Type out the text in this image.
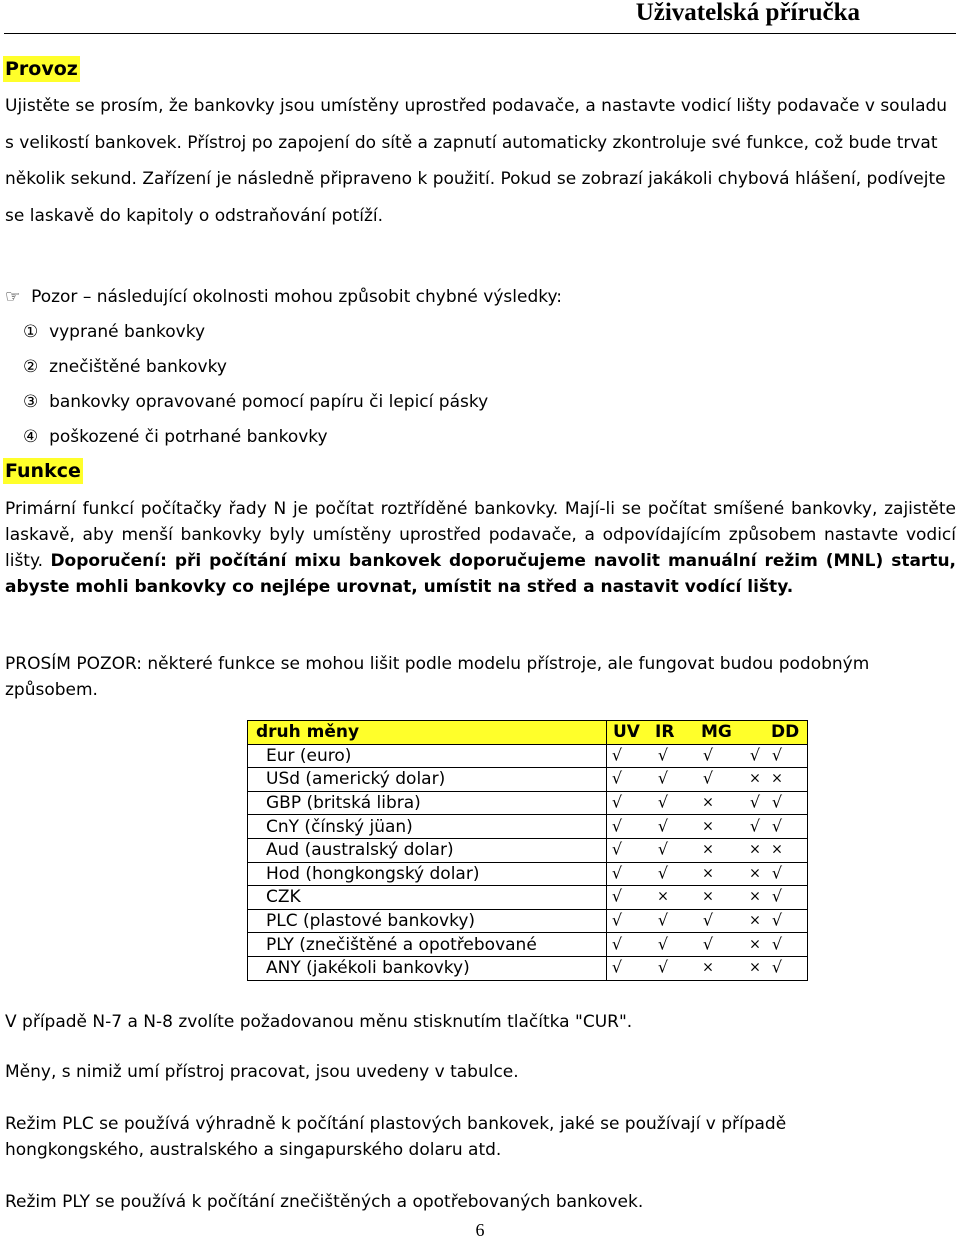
Uživatelská příručka
Provoz
Ujistěte se prosím, že bankovky jsou umístěny uprostřed podavače, a nastavte vodicí lišty podavače v souladu s velikostí bankovek. Přístroj po zapojení do sítě a zapnutí automaticky zkontroluje své funkce, což bude trvat několik sekund. Zařízení je následně připraveno k použití. Pokud se zobrazí jakákoli chybová hlášení, podívejte se laskavě do kapitoly o odstraňování potíží.
☞  Pozor – následující okolnosti mohou způsobit chybné výsledky:
① vyprané bankovky
② znečištěné bankovky
③ bankovky opravované pomocí papíru či lepicí pásky
④ poškozené či potrhané bankovky
Funkce
Primární funkcí počítačky řady N je počítat roztříděné bankovky. Mají-li se počítat smíšené bankovky, zajistěte laskavě, aby menší bankovky byly umístěny uprostřed podavače, a odpovídajícím způsobem nastavte vodicí lišty. Doporučení: při počítání mixu bankovek doporučujeme navolit manuální režim (MNL) startu, abyste mohli bankovky co nejlépe urovnat, umístit na střed a nastavit vodící lišty.
PROSÍM POZOR: některé funkce se mohou lišit podle modelu přístroje, ale fungovat budou podobným způsobem.
druh měny	UV IR MG DD

Eur (euro)	√ √ √ √ √

USd (americký dolar)	√ √ √ × ×

GBP (britská libra)	√ √ × √ √

CnY (čínský jüan)	√ √ × √ √

Aud (australský dolar)	√ √ × × ×

Hod (hongkongský dolar)	√ √ × × √

CZK	√ × × × √

PLC (plastové bankovky)	√ √ √ × √

PLY (znečištěné a opotřebované	√ √ √ × √

ANY (jakékoli bankovky)	√ √ × × √
V případě N-7 a N-8 zvolíte požadovanou měnu stisknutím tlačítka "CUR".
Měny, s nimiž umí přístroj pracovat, jsou uvedeny v tabulce.
Režim PLC se používá výhradně k počítání plastových bankovek, jaké se používají v případě hongkongského, australského a singapurského dolaru atd.
Režim PLY se používá k počítání znečištěných a opotřebovaných bankovek.
6
